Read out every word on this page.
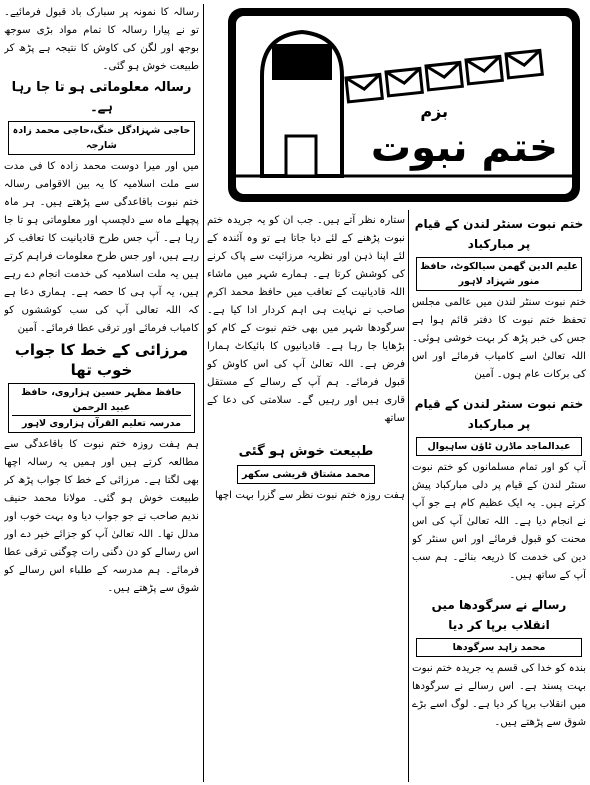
بزم
ختم نبوت

رسالہ کا نمونہ پر سبارک باد قبول فرمائیے۔ تو نے پیارا رسالہ کا تمام مواد بڑی سوجھ بوجھ اور لگن کی کاوش کا نتیجہ ہے پڑھ کر طبیعت خوش ہو گئی۔

رسالہ معلوماتی ہو تا جا رہا ہے۔
حاجی شہزادگل خنگ،حاجی محمد زادہ شارجہ

میں اور میرا دوست محمد زادہ کا فی مدت سے ملت اسلامیہ کا یہ بین الاقوامی رسالہ ختم نبوت باقاعدگی سے پڑھتے ہیں۔ ہر ماہ پچھلے ماہ سے دلچسپ اور معلوماتی ہو تا جا رہا ہے۔ آپ جس طرح قادیانیت کا تعاقب کر رہے ہیں، اور جس طرح معلومات فراہم کرتے ہیں یہ ملت اسلامیہ کی خدمت انجام دے رہے ہیں، یہ آپ ہی کا حصہ ہے۔ ہماری دعا ہے کہ اللہ تعالی آپ کی سب کوششوں کو کامیاب فرمائے اور ترقی عطا فرمائے۔ آمین

مرزائی کے خط کا جواب خوب تھا
حافظ مظہر حسین ہزاروی، حافظ عبید الرحمن
مدرسہ تعلیم القرآن ہزاروی لاہور

ہم ہفت روزہ ختم نبوت کا باقاعدگی سے مطالعہ کرتے ہیں اور ہمیں یہ رسالہ اچھا بھی لگتا ہے۔ مرزائی کے خط کا جواب پڑھ کر طبیعت خوش ہو گئی۔ مولانا محمد حنیف ندیم صاحب نے جو جواب دیا وہ بہت خوب اور مدلل تھا۔ اللہ تعالیٰ آپ کو جزائے خیر دے اور اس رسالے کو دن دگنی رات چوگنی ترقی عطا فرمائے۔ ہم مدرسہ کے طلباء اس رسالے کو شوق سے پڑھتے ہیں۔

ستارہ نظر آتے ہیں۔ جب ان کو یہ جریدہ ختم نبوت پڑھنے کے لئے دیا جاتا ہے تو وہ آئندہ کے لئے اپنا ذہن اور نظریہ مرزائیت سے پاک کرنے کی کوشش کرتا ہے۔ ہمارے شہر میں ماشاء اللہ قادیانیت کے تعاقب میں حافظ محمد اکرم صاحب نے نہایت ہی اہم کردار ادا کیا ہے۔ سرگودھا شہر میں بھی ختم نبوت کے کام کو بڑھایا جا رہا ہے۔ قادیانیوں کا بائیکاٹ ہمارا فرض ہے۔ اللہ تعالیٰ آپ کی اس کاوش کو قبول فرمائے۔ ہم آپ کے رسالے کے مستقل قاری ہیں اور رہیں گے۔ سلامتی کی دعا کے ساتھ

طبیعت خوش ہو گئی
محمد مشتاق قریشی سکھر

ہفت روزہ ختم نبوت نظر سے گزرا بہت اچھا

ختم نبوت سنٹر لندن کے قیام پر مبارکباد
علیم الدین گھمن سیالکوٹ، حافظ منور شہزاد لاہور

ختم نبوت سنٹر لندن میں عالمی مجلس تحفظ ختم نبوت کا دفتر قائم ہوا ہے جس کی خبر پڑھ کر بہت خوشی ہوئی۔ اللہ تعالیٰ اسے کامیاب فرمائے اور اس کی برکات عام ہوں۔ آمین

ختم نبوت سنٹر لندن کے قیام پر مبارکباد
عبدالماجد ماڈرن ٹاؤن ساہیوال

آپ کو اور تمام مسلمانوں کو ختم نبوت سنٹر لندن کے قیام پر دلی مبارکباد پیش کرتے ہیں۔ یہ ایک عظیم کام ہے جو آپ نے انجام دیا ہے۔ اللہ تعالیٰ آپ کی اس محنت کو قبول فرمائے اور اس سنٹر کو دین کی خدمت کا ذریعہ بنائے۔ ہم سب آپ کے ساتھ ہیں۔

رسالے نے سرگودھا میں انقلاب برپا کر دیا
محمد زاہد سرگودھا

بندہ کو خدا کی قسم یہ جریدہ ختم نبوت بہت پسند ہے۔ اس رسالے نے سرگودھا میں انقلاب برپا کر دیا ہے۔ لوگ اسے بڑے شوق سے پڑھتے ہیں۔
